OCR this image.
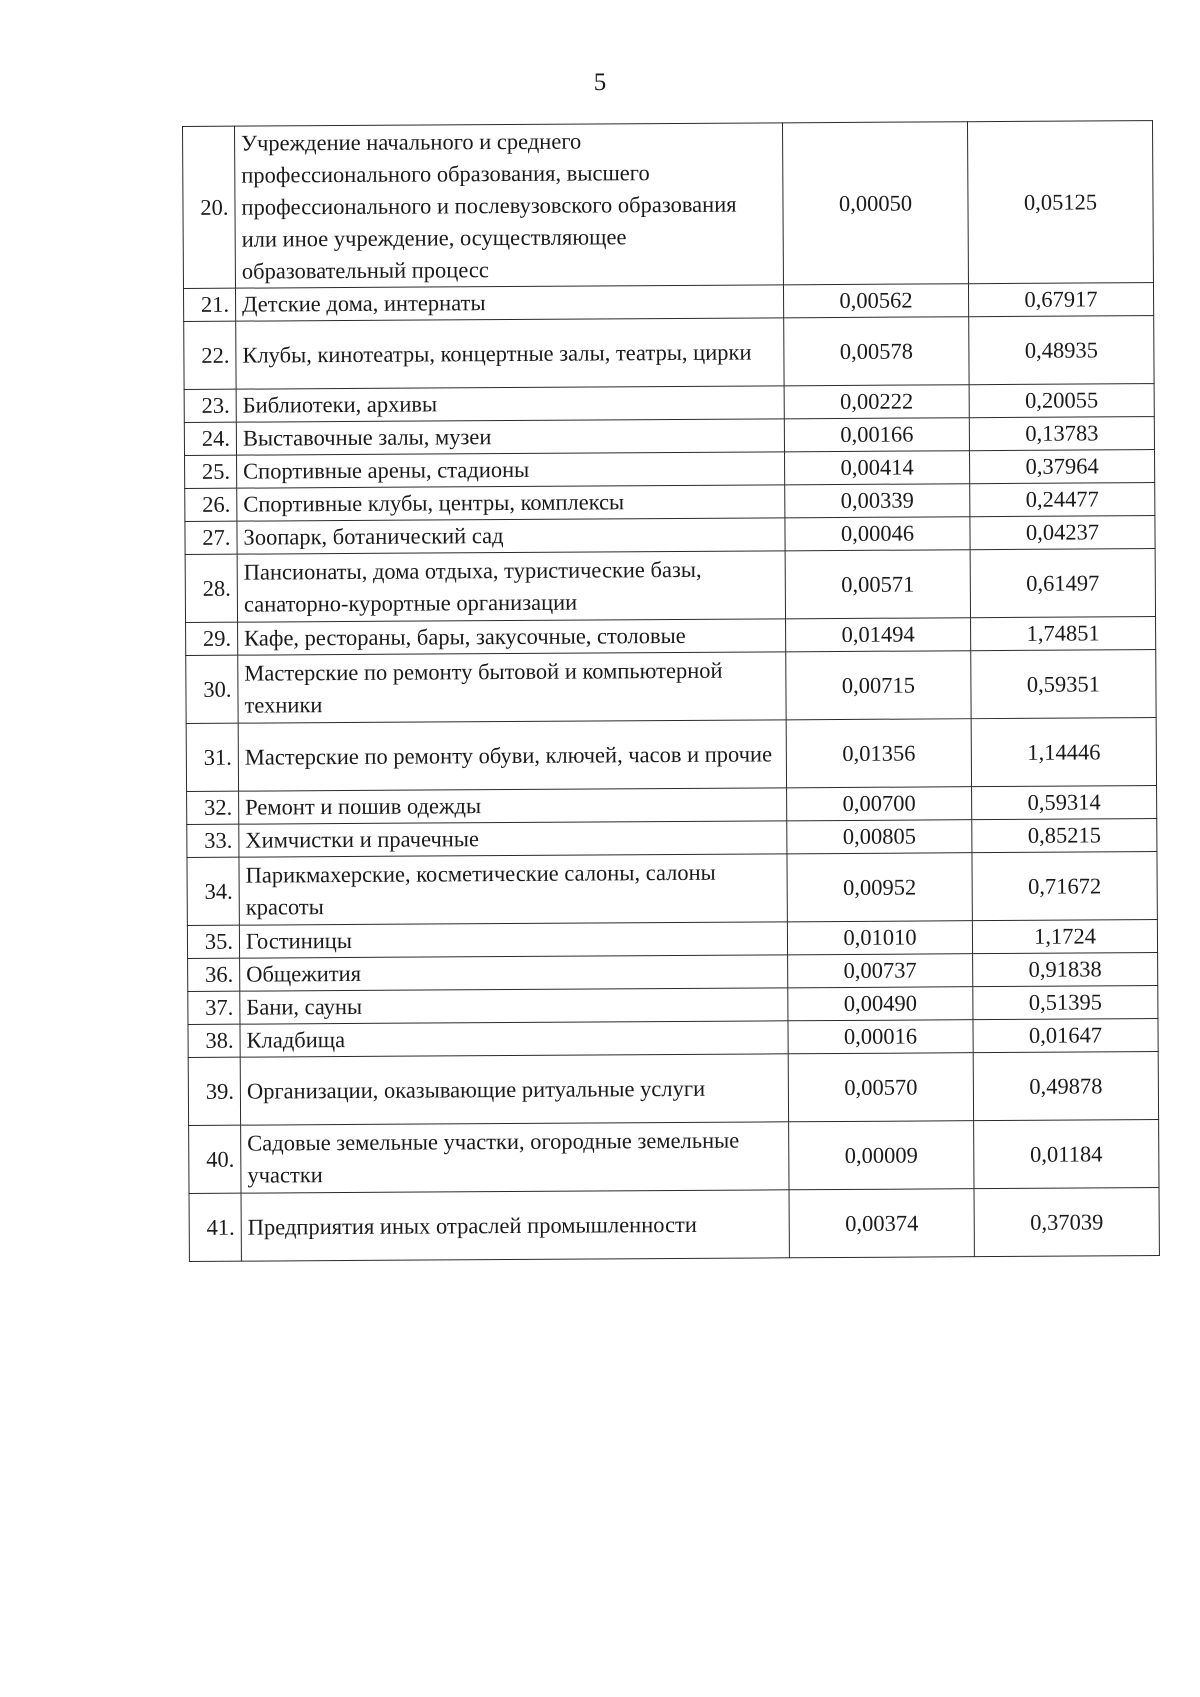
5
20.	Учреждение начального и среднего профессионального образования, высшего профессионального и послевузовского образования или иное учреждение, осуществляющее образовательный процесс	0,00050	0,05125
21.	Детские дома, интернаты	0,00562	0,67917
22.	Клубы, кинотеатры, концертные залы, театры, цирки	0,00578	0,48935
23.	Библиотеки, архивы	0,00222	0,20055
24.	Выставочные залы, музеи	0,00166	0,13783
25.	Спортивные арены, стадионы	0,00414	0,37964
26.	Спортивные клубы, центры, комплексы	0,00339	0,24477
27.	Зоопарк, ботанический сад	0,00046	0,04237
28.	Пансионаты, дома отдыха, туристические базы, санаторно-курортные организации	0,00571	0,61497
29.	Кафе, рестораны, бары, закусочные, столовые	0,01494	1,74851
30.	Мастерские по ремонту бытовой и компьютерной техники	0,00715	0,59351
31.	Мастерские по ремонту обуви, ключей, часов и прочие	0,01356	1,14446
32.	Ремонт и пошив одежды	0,00700	0,59314
33.	Химчистки и прачечные	0,00805	0,85215
34.	Парикмахерские, косметические салоны, салоны красоты	0,00952	0,71672
35.	Гостиницы	0,01010	1,1724
36.	Общежития	0,00737	0,91838
37.	Бани, сауны	0,00490	0,51395
38.	Кладбища	0,00016	0,01647
39.	Организации, оказывающие ритуальные услуги	0,00570	0,49878
40.	Садовые земельные участки, огородные земельные участки	0,00009	0,01184
41.	Предприятия иных отраслей промышленности	0,00374	0,37039
